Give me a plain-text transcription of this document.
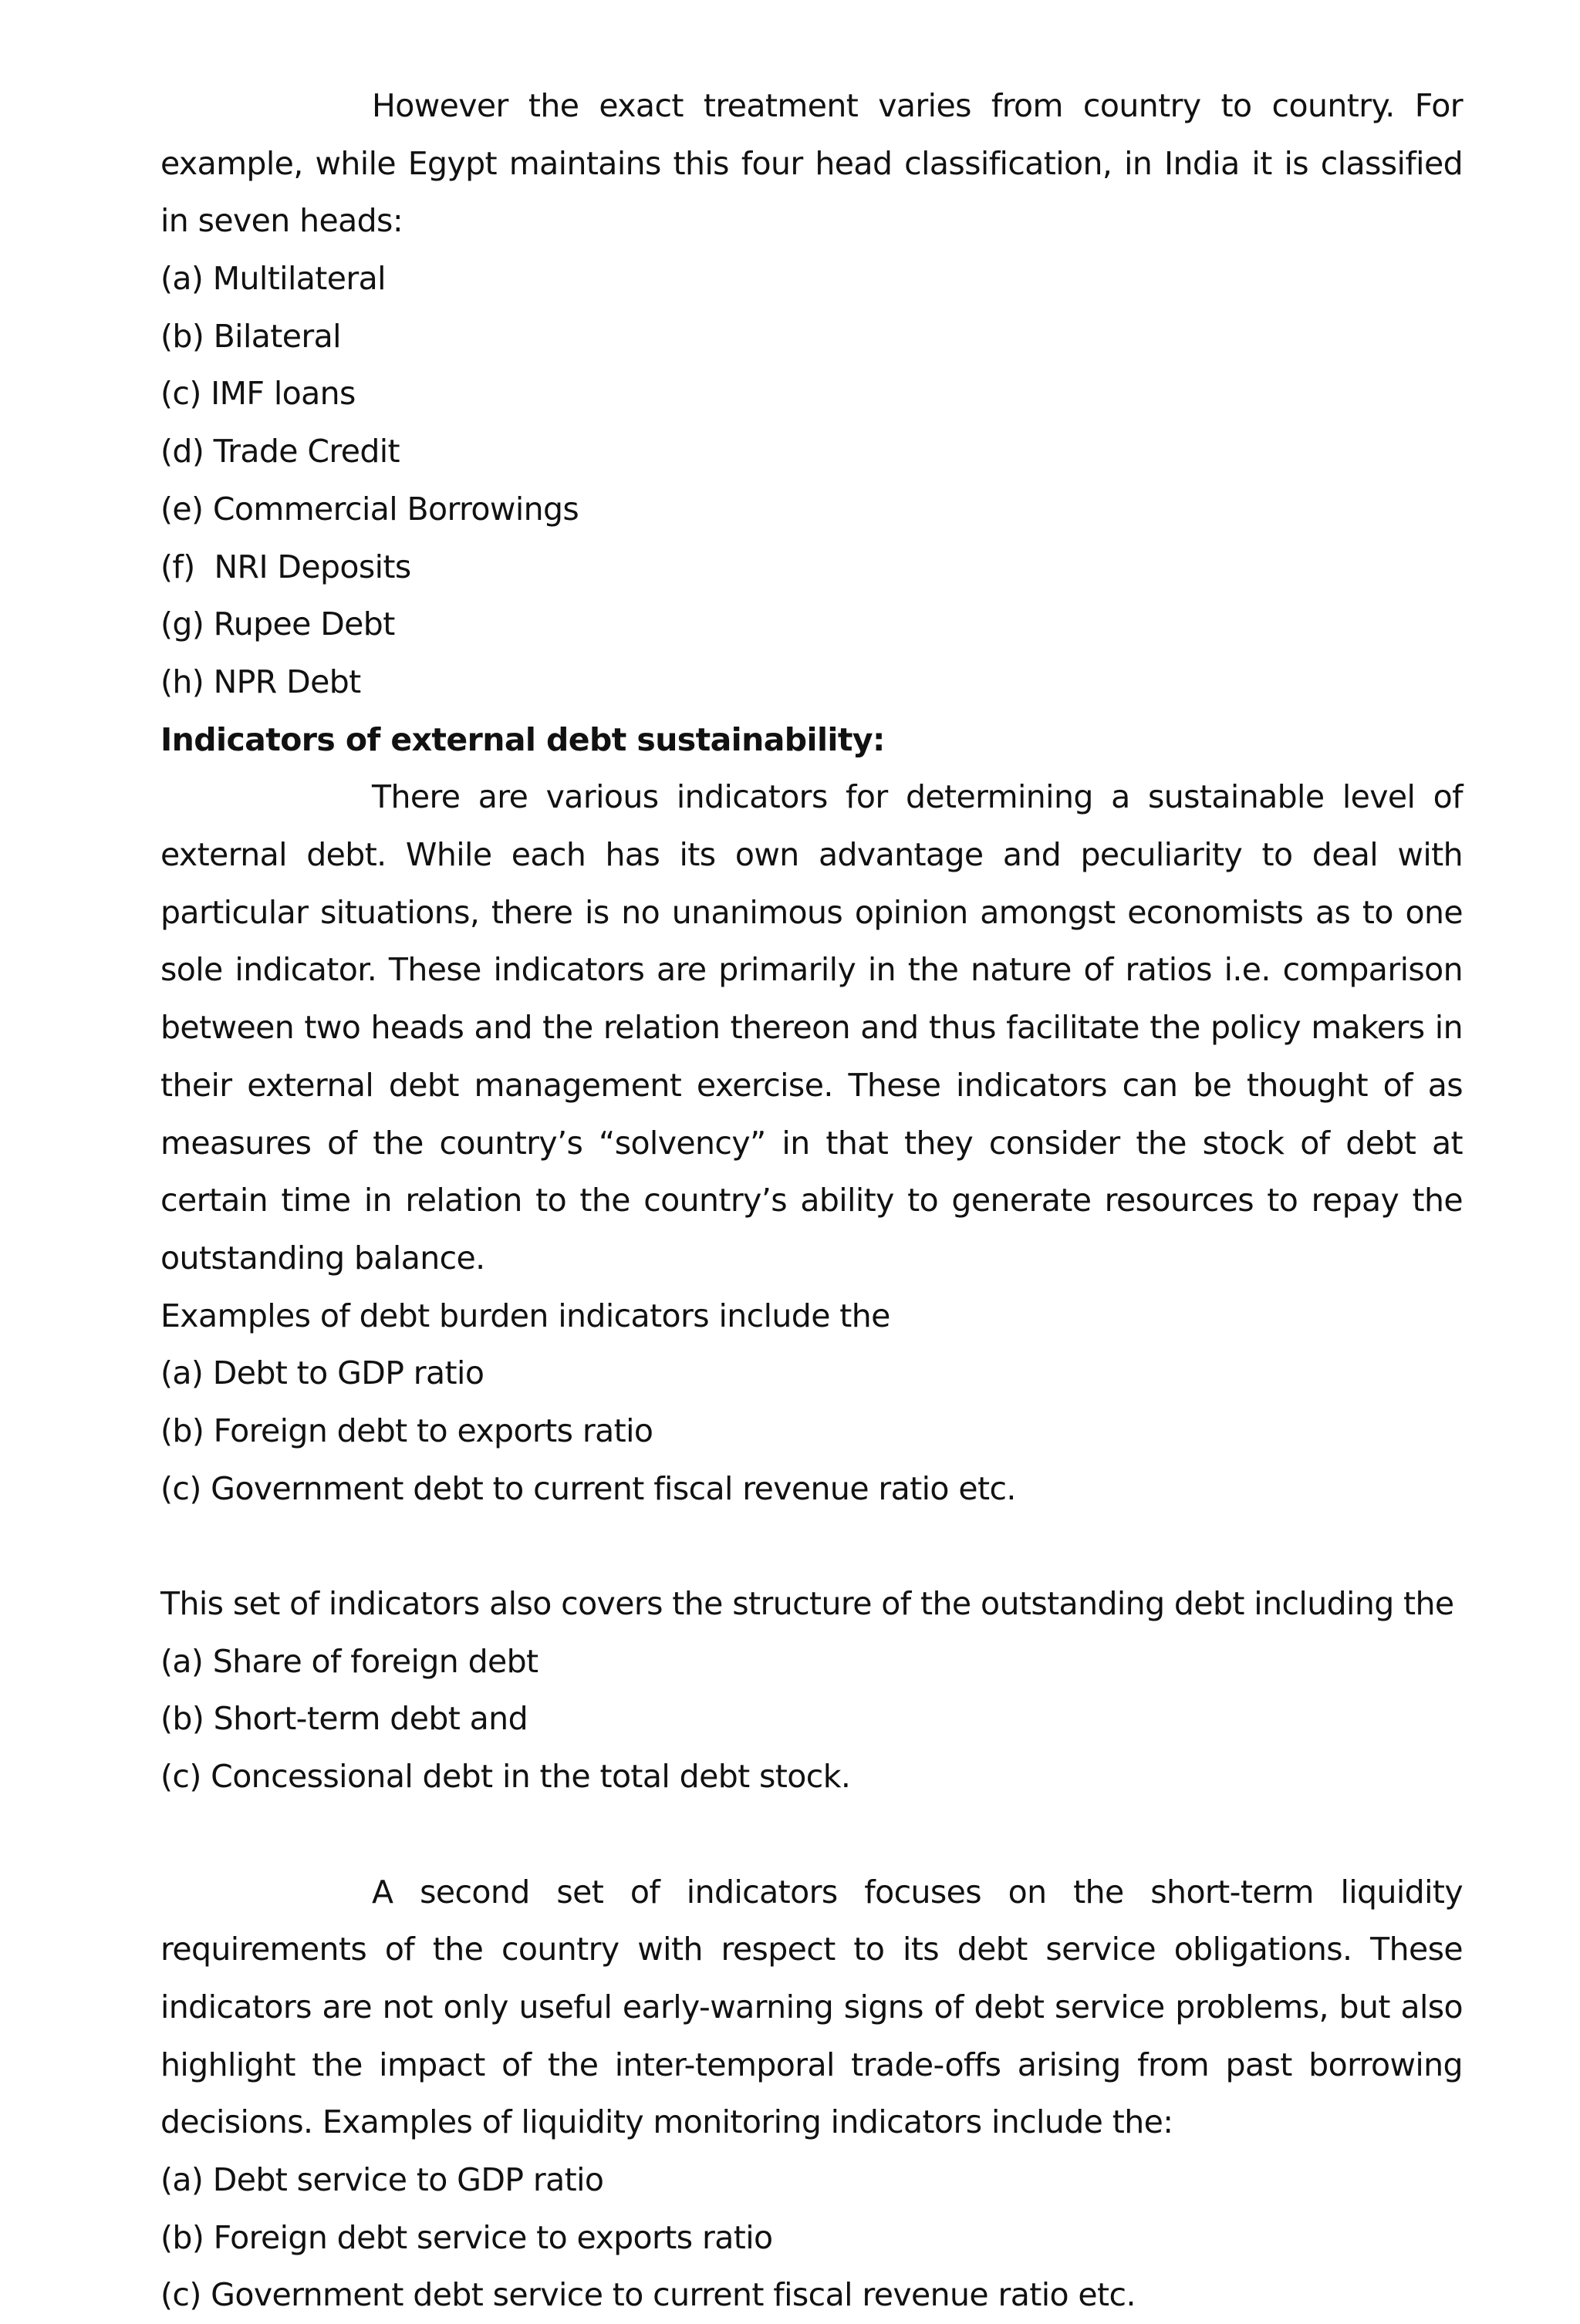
However the exact treatment varies from country to country. For example, while Egypt maintains this four head classification, in India it is classified in seven heads:
(a) Multilateral
(b) Bilateral
(c) IMF loans
(d) Trade Credit
(e) Commercial Borrowings
(f)  NRI Deposits
(g) Rupee Debt
(h) NPR Debt
Indicators of external debt sustainability:
There are various indicators for determining a sustainable level of external debt. While each has its own advantage and peculiarity to deal with particular situations, there is no unanimous opinion amongst economists as to one sole indicator. These indicators are primarily in the nature of ratios i.e. comparison between two heads and the relation thereon and thus facilitate the policy makers in their external debt management exercise. These indicators can be thought of as measures of the country’s “solvency” in that they consider the stock of debt at certain time in relation to the country’s ability to generate resources to repay the outstanding balance.
Examples of debt burden indicators include the
(a) Debt to GDP ratio
(b) Foreign debt to exports ratio
(c) Government debt to current fiscal revenue ratio etc.
This set of indicators also covers the structure of the outstanding debt including the
(a) Share of foreign debt
(b) Short-term debt and
(c) Concessional debt in the total debt stock.
A second set of indicators focuses on the short-term liquidity requirements of the country with respect to its debt service obligations. These indicators are not only useful early-warning signs of debt service problems, but also highlight the impact of the inter-temporal trade-offs arising from past borrowing decisions. Examples of liquidity monitoring indicators include the:
(a) Debt service to GDP ratio
(b) Foreign debt service to exports ratio
(c) Government debt service to current fiscal revenue ratio etc.
